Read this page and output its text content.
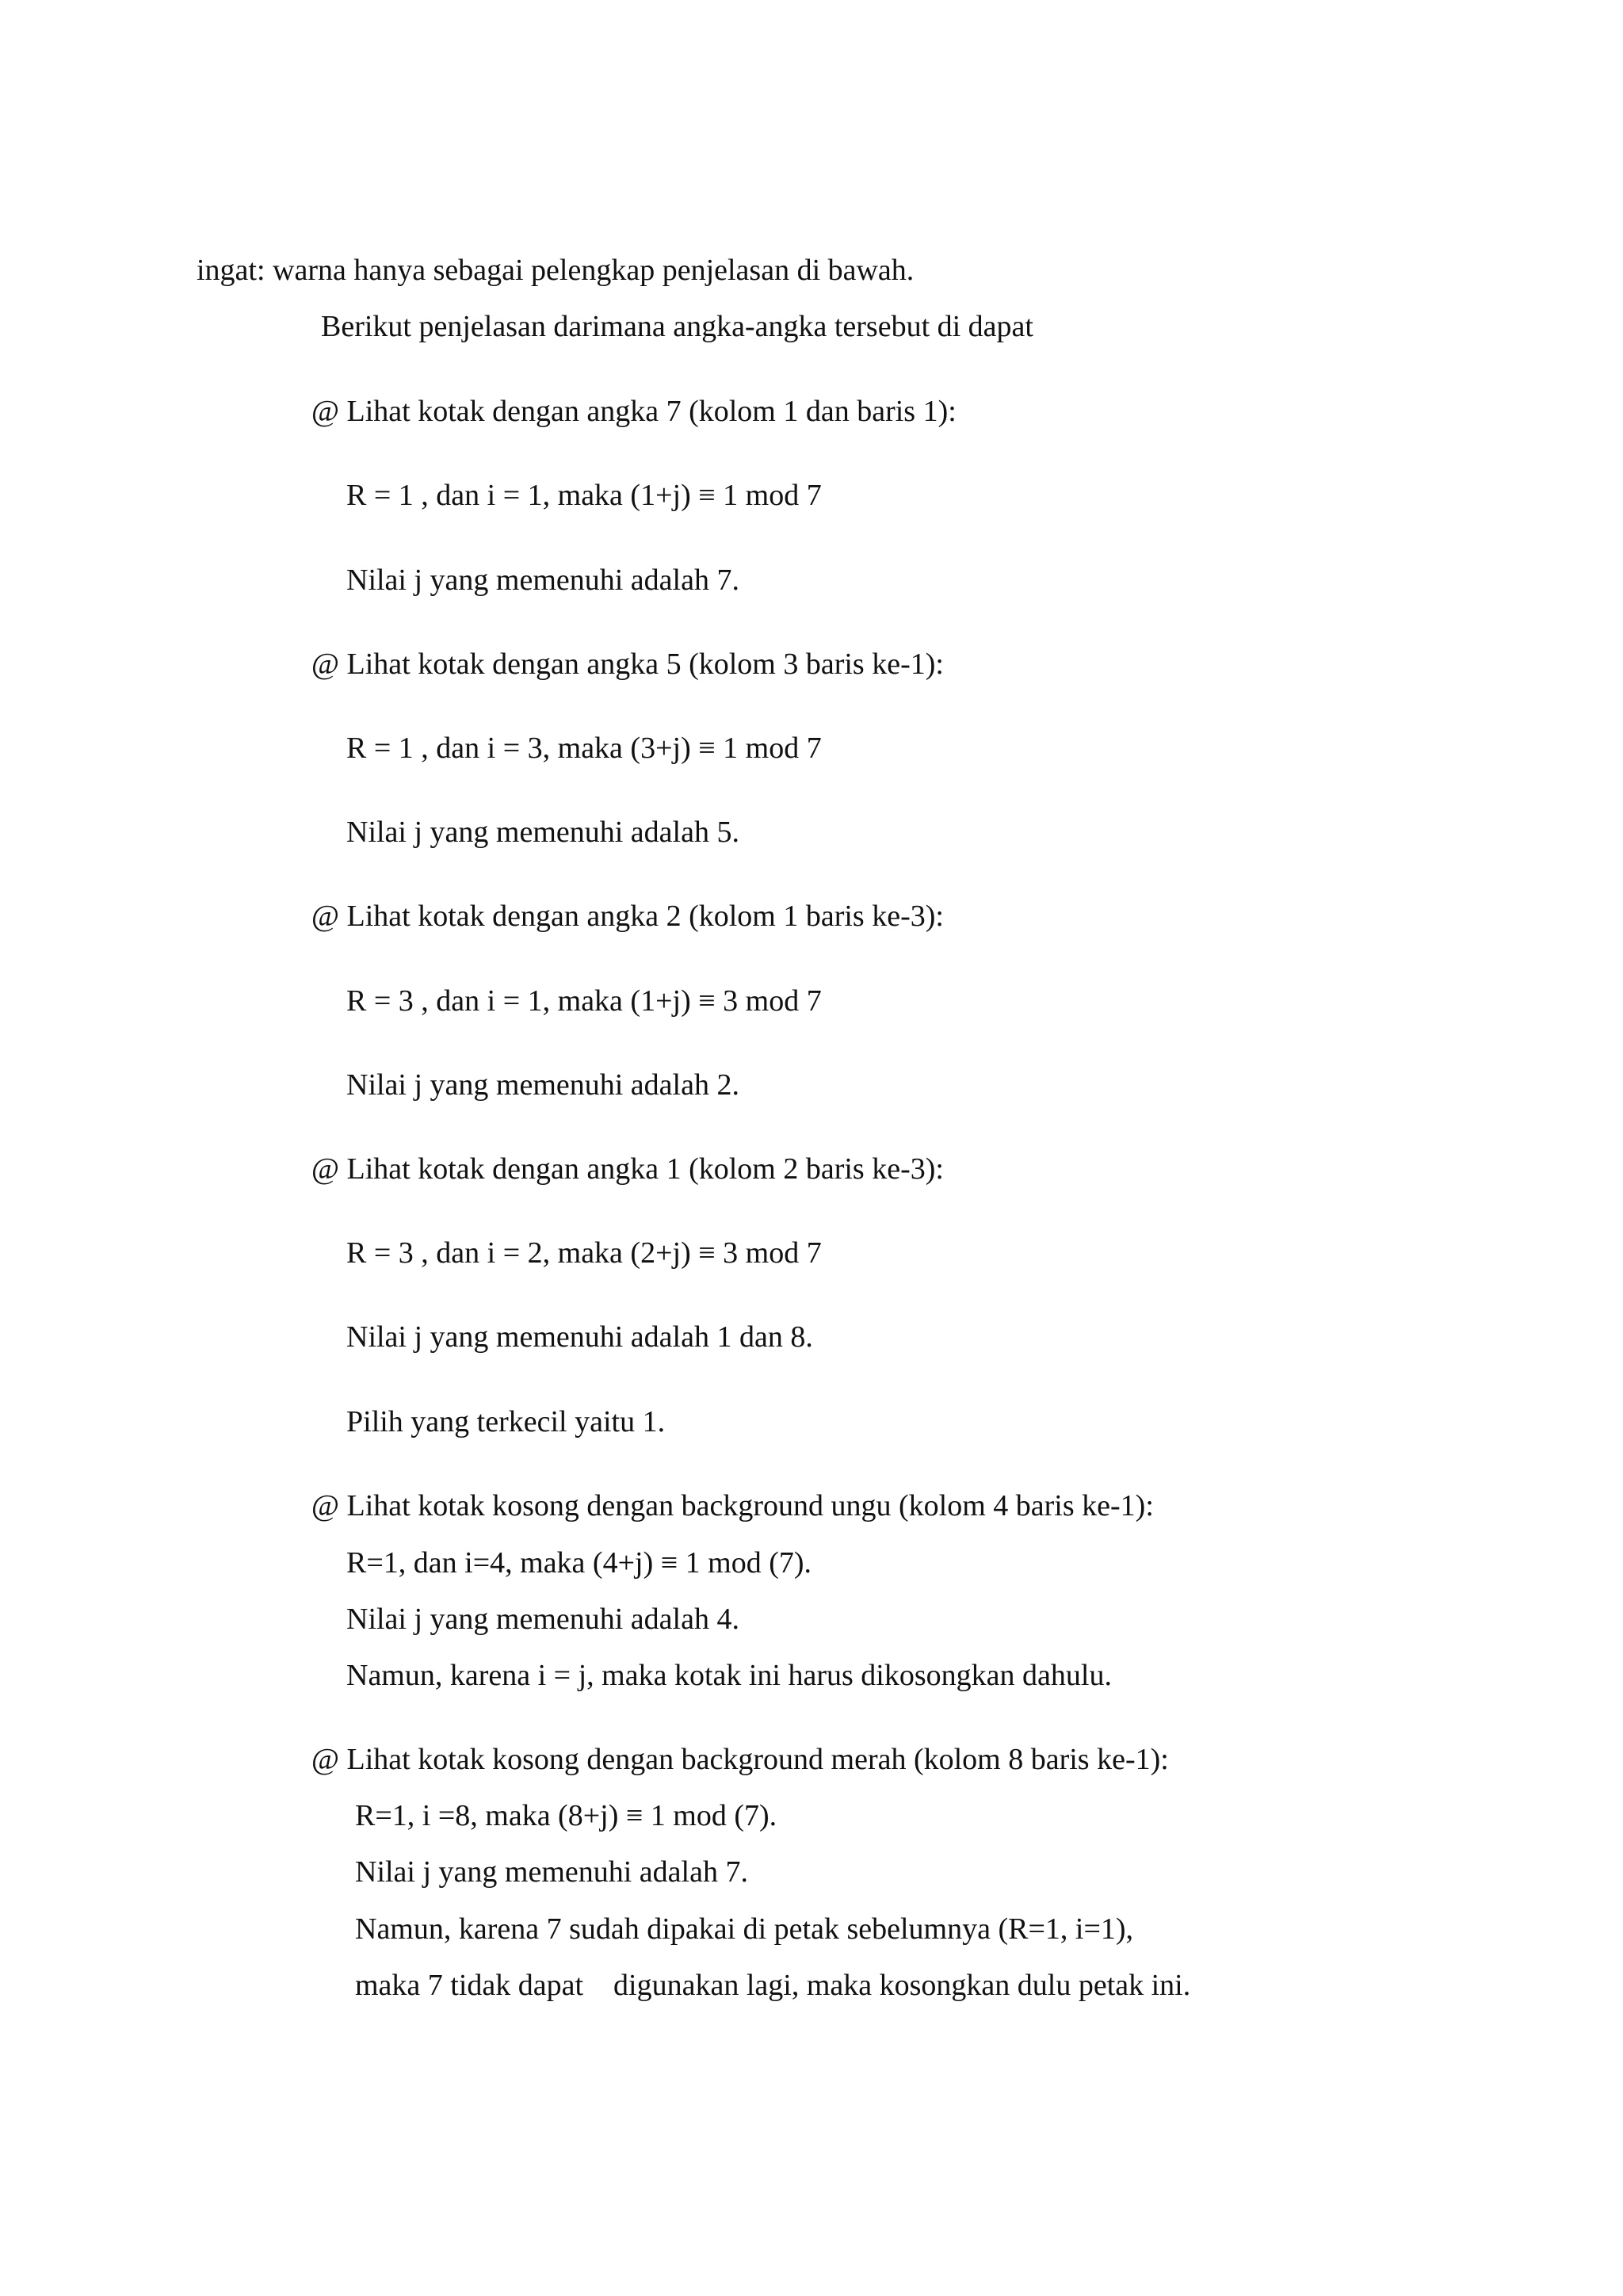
ingat: warna hanya sebagai pelengkap penjelasan di bawah.
Berikut penjelasan darimana angka-angka tersebut di dapat
@ Lihat kotak dengan angka 7 (kolom 1 dan baris 1):
R = 1 , dan i = 1, maka (1+j) ≡ 1 mod 7
Nilai j yang memenuhi adalah 7.
@ Lihat kotak dengan angka 5 (kolom 3 baris ke-1):
R = 1 , dan i = 3, maka (3+j) ≡ 1 mod 7
Nilai j yang memenuhi adalah 5.
@ Lihat kotak dengan angka 2 (kolom 1 baris ke-3):
R = 3 , dan i = 1, maka (1+j) ≡ 3 mod 7
Nilai j yang memenuhi adalah 2.
@ Lihat kotak dengan angka 1 (kolom 2 baris ke-3):
R = 3 , dan i = 2, maka (2+j) ≡ 3 mod 7
Nilai j yang memenuhi adalah 1 dan 8.
Pilih yang terkecil yaitu 1.
@ Lihat kotak kosong dengan background ungu (kolom 4 baris ke-1):
R=1, dan i=4, maka (4+j) ≡ 1 mod (7).
Nilai j yang memenuhi adalah 4.
Namun, karena i = j, maka kotak ini harus dikosongkan dahulu.
@ Lihat kotak kosong dengan background merah (kolom 8 baris ke-1):
R=1, i =8, maka (8+j) ≡ 1 mod (7).
Nilai j yang memenuhi adalah 7.
Namun, karena 7 sudah dipakai di petak sebelumnya (R=1, i=1),
maka 7 tidak dapat    digunakan lagi, maka kosongkan dulu petak ini.
